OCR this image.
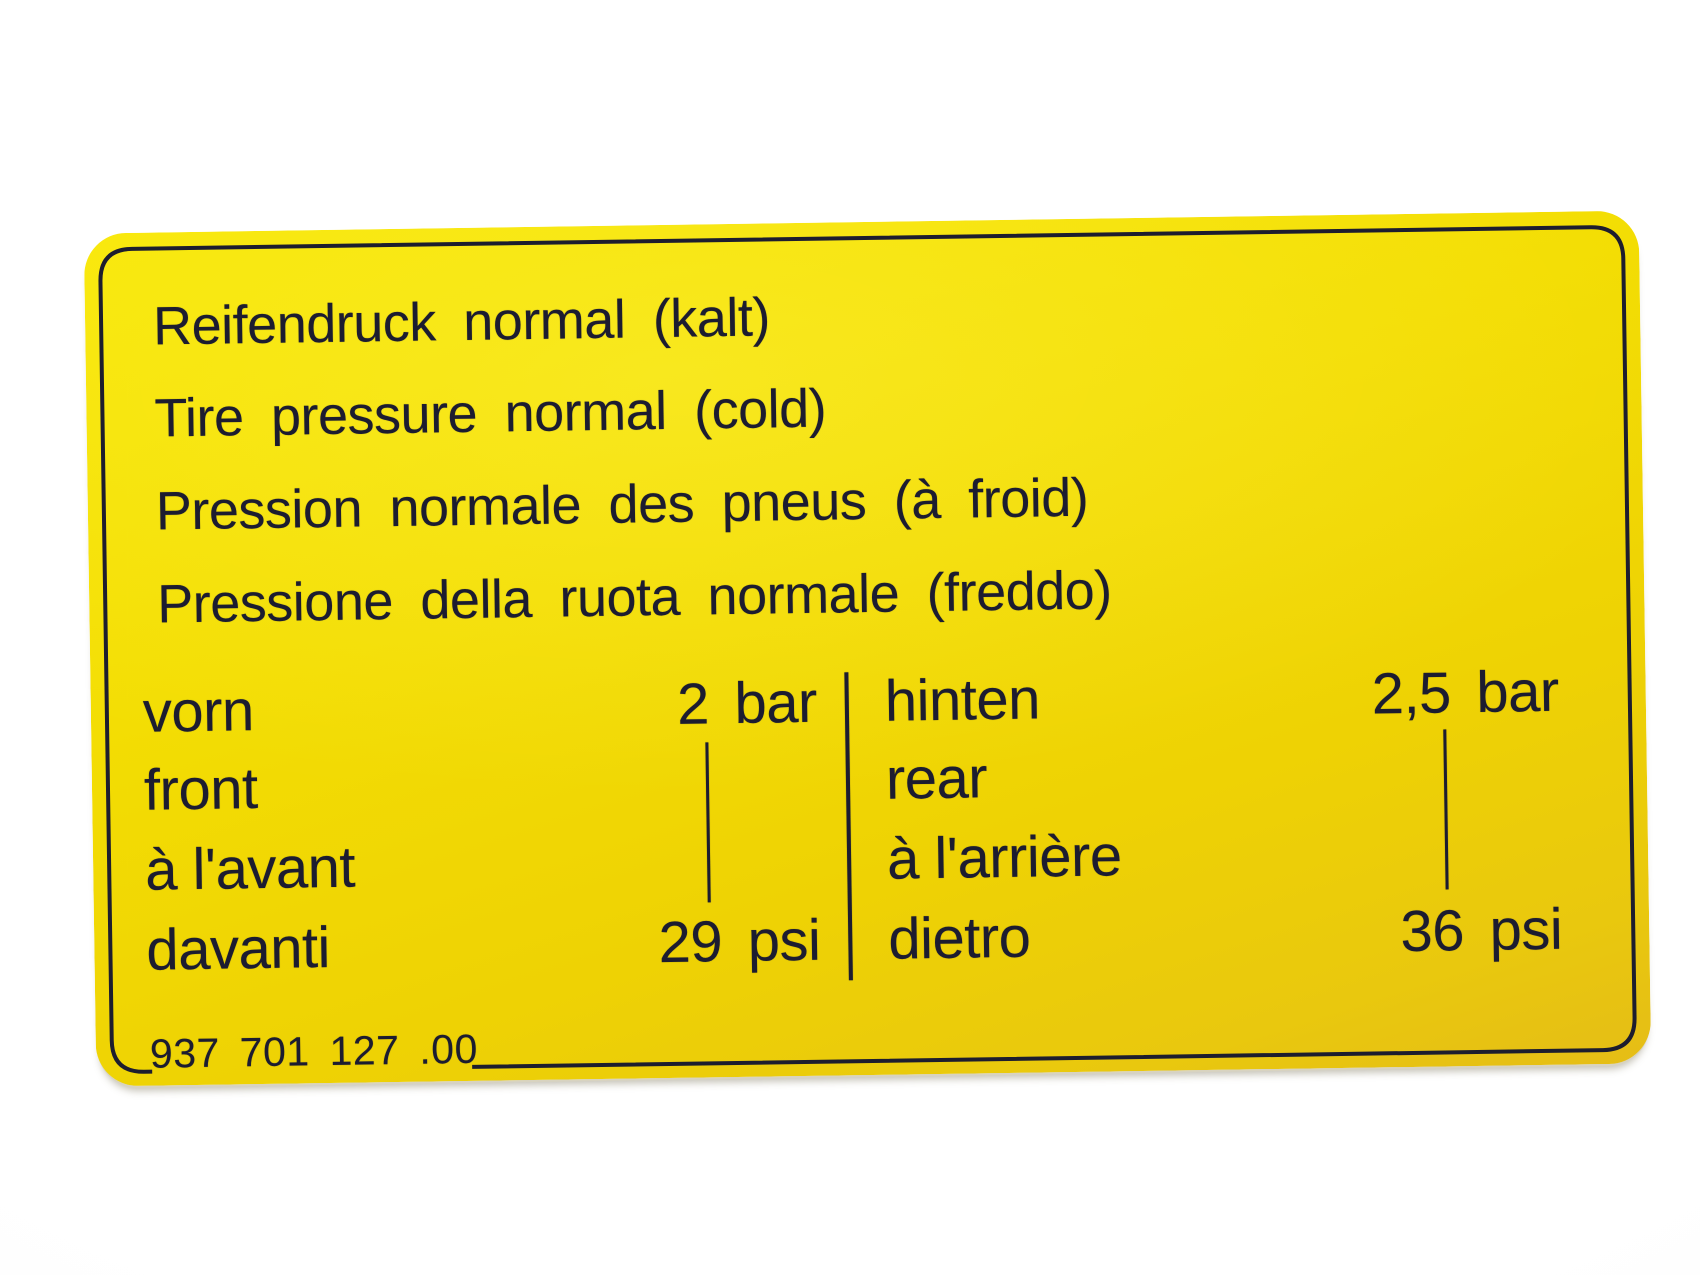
Reifendruck normal (kalt)
Tire pressure normal (cold)
Pression normale des pneus (à froid)
Pressione della ruota normale (freddo)
vorn
front
à l'avant
davanti
2 bar
29 psi
hinten
rear
à l'arrière
dietro
2,5 bar
36 psi
937 701 127 .00
